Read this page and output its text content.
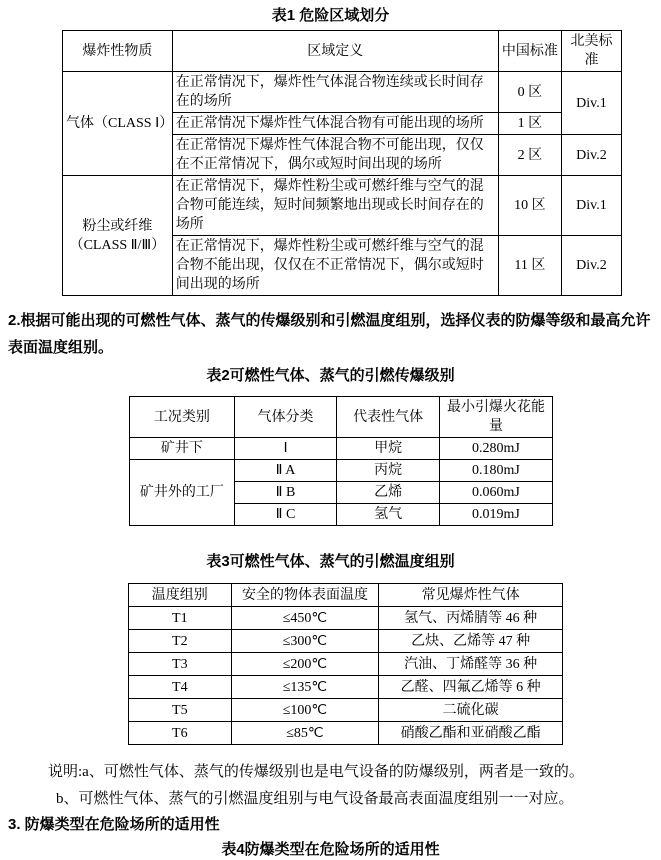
表1 危险区域划分
爆炸性物质	区域定义	中国标准	北美标准
气体（CLASS Ⅰ）	在正常情况下，爆炸性气体混合物连续或长时间存在的场所	0 区	Div.1
	在正常情况下爆炸性气体混合物有可能出现的场所	1 区	
	在正常情况下爆炸性气体混合物不可能出现，仅仅在不正常情况下，偶尔或短时间出现的场所	2 区	Div.2

粉尘或纤维
（CLASS Ⅱ/Ⅲ）	在正常情况下，爆炸性粉尘或可燃纤维与空气的混合物可能连续，短时间频繁地出现或长时间存在的场所	10 区	Div.1
	在正常情况下，爆炸性粉尘或可燃纤维与空气的混合物不能出现，仅仅在不正常情况下，偶尔或短时间出现的场所	11 区	Div.2
2.根据可能出现的可燃性气体、蒸气的传爆级别和引燃温度组别，选择仪表的防爆等级和最高允许表面温度组别。
表2可燃性气体、蒸气的引燃传爆级别
工况类别	气体分类	代表性气体	最小引爆火花能量
矿井下	Ⅰ	甲烷	0.280mJ
矿井外的工厂	Ⅱ A	丙烷	0.180mJ
	Ⅱ B	乙烯	0.060mJ
	Ⅱ C	氢气	0.019mJ
表3可燃性气体、蒸气的引燃温度组别
温度组别	安全的物体表面温度	常见爆炸性气体
T1	≤450℃	氢气、丙烯腈等 46 种
T2	≤300℃	乙炔、乙烯等 47 种
T3	≤200℃	汽油、丁烯醛等 36 种
T4	≤135℃	乙醛、四氟乙烯等 6 种
T5	≤100℃	二硫化碳
T6	≤85℃	硝酸乙酯和亚硝酸乙酯
说明:a、可燃性气体、蒸气的传爆级别也是电气设备的防爆级别，两者是一致的。
b、可燃性气体、蒸气的引燃温度组别与电气设备最高表面温度组别一一对应。
3. 防爆类型在危险场所的适用性
表4防爆类型在危险场所的适用性
